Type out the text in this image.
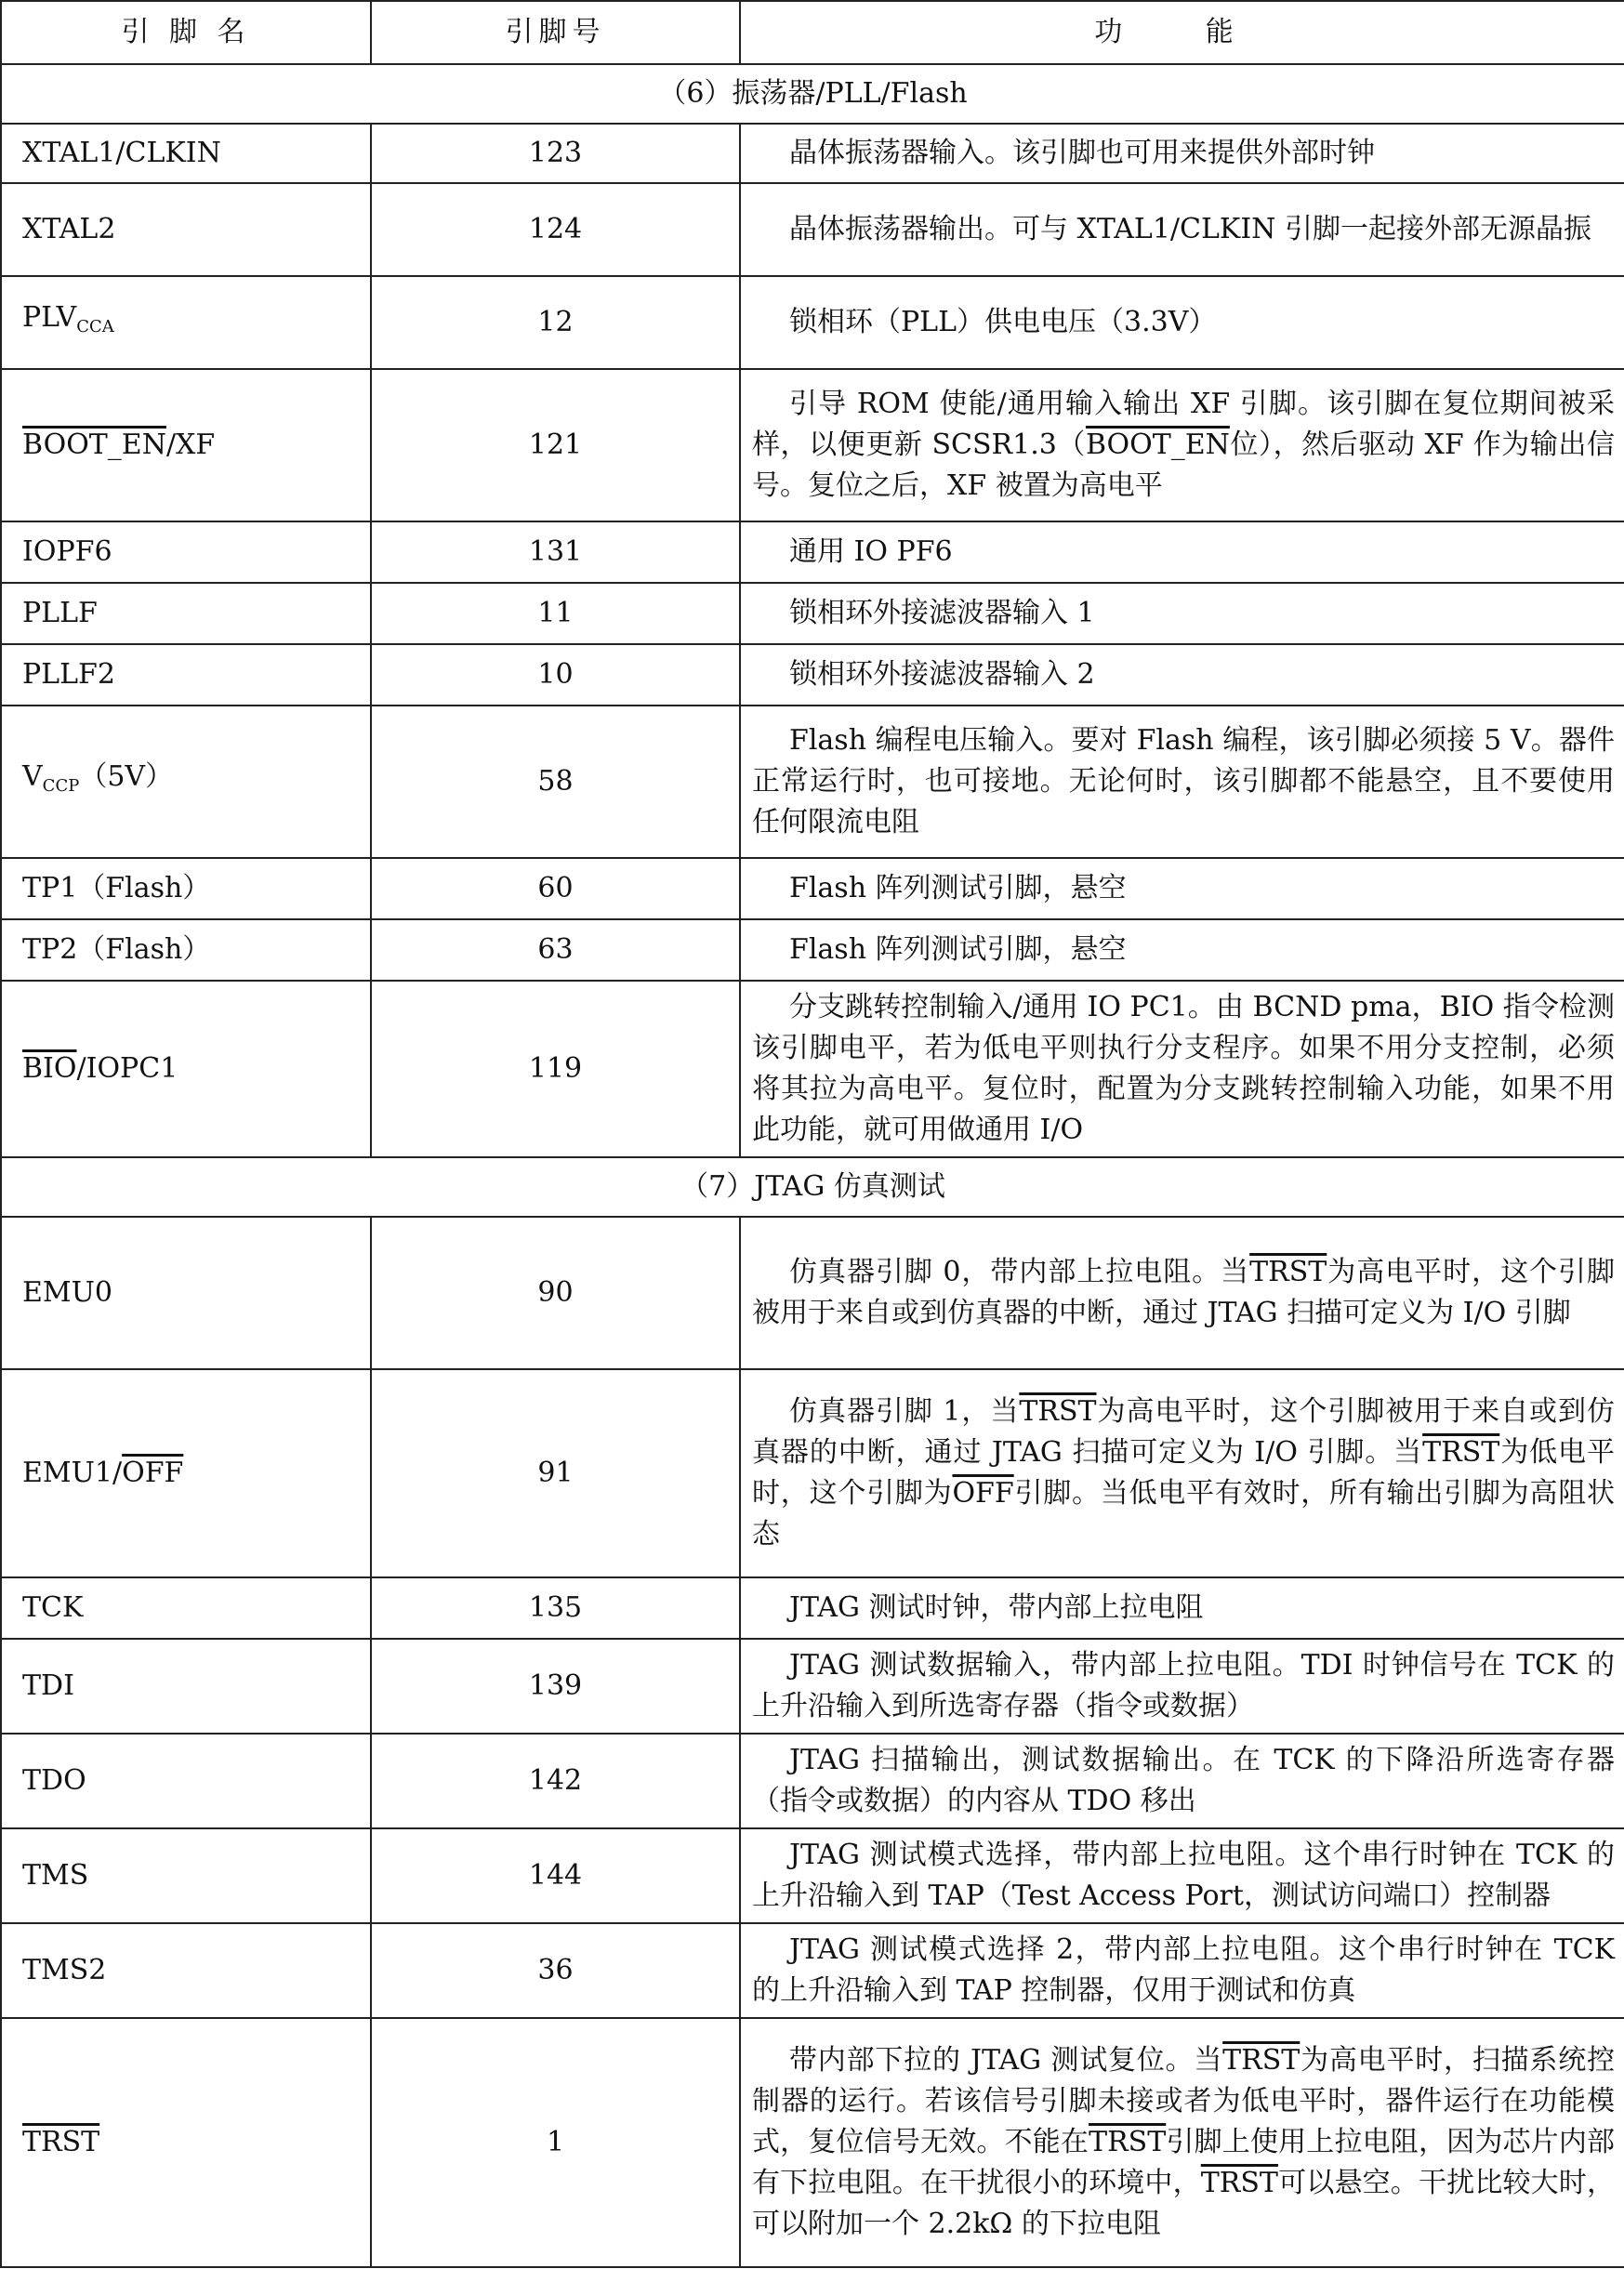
引 脚 名	引脚号	功 能
（6）振荡器/PLL/Flash		
XTAL1/CLKIN	123	晶体振荡器输入。该引脚也可用来提供外部时钟

XTAL2	124	晶体振荡器输出。可与 XTAL1/CLKIN 引脚一起接外部无源晶振

$PLV_{CCA}$	12	锁相环（PLL）供电电压（3.3V）

BOOT_EN/XF	121	引导 ROM 使能/通用输入输出 XF 引脚。该引脚在复位期间被采样，以便更新 SCSR1.3（BOOT_EN位），然后驱动 XF 作为输出信号。复位之后，XF 被置为高电平

IOPF6	131	通用 IO PF6

PLLF	11	锁相环外接滤波器输入 1

PLLF2	10	锁相环外接滤波器输入 2

$V_{CCP}(5V)$	58	Flash 编程电压输入。要对 Flash 编程，该引脚必须接 5 V。器件正常运行时，也可接地。无论何时，该引脚都不能悬空，且不要使用任何限流电阻

TP1（Flash）	60	Flash 阵列测试引脚，悬空

TP2（Flash）	63	Flash 阵列测试引脚，悬空

$\overline{BIO}/IOPC1$	119	分支跳转控制输入/通用 IO PC1。由 BCND pma，BIO 指令检测该引脚电平，若为低电平则执行分支程序。如果不用分支控制，必须将其拉为高电平。复位时，配置为分支跳转控制输入功能，如果不用此功能，就可用做通用 I/O

（7）JTAG 仿真测试		
EMU0	90	仿真器引脚 0，带内部上拉电阻。当TRST为高电平时，这个引脚被用于来自或到仿真器的中断，通过 JTAG 扫描可定义为 I/O 引脚

$EMU1/\overline{OFF}$	91	仿真器引脚 1，当TRST为高电平时，这个引脚被用于来自或到仿真器的中断，通过 JTAG 扫描可定义为 I/O 引脚。当TRST为低电平时，这个引脚为$\overline{OFF}$引脚。当低电平有效时，所有输出引脚为高阻状态

TCK	135	JTAG 测试时钟，带内部上拉电阻

TDI	139	JTAG 测试数据输入，带内部上拉电阻。TDI 时钟信号在 TCK 的上升沿输入到所选寄存器（指令或数据）

TDO	142	JTAG 扫描输出，测试数据输出。在 TCK 的下降沿所选寄存器（指令或数据）的内容从 TDO 移出

TMS	144	JTAG 测试模式选择，带内部上拉电阻。这个串行时钟在 TCK 的上升沿输入到 TAP（Test Access Port，测试访问端口）控制器

TMS2	36	JTAG 测试模式选择 2，带内部上拉电阻。这个串行时钟在 TCK 的上升沿输入到 TAP 控制器，仅用于测试和仿真

TRST	1	带内部下拉的 JTAG 测试复位。当TRST为高电平时，扫描系统控制器的运行。若该信号引脚未接或者为低电平时，器件运行在功能模式，复位信号无效。不能在TRST引脚上使用上拉电阻，因为芯片内部有下拉电阻。在干扰很小的环境中，TRST可以悬空。干扰比较大时，可以附加一个 2.2kΩ 的下拉电阻
